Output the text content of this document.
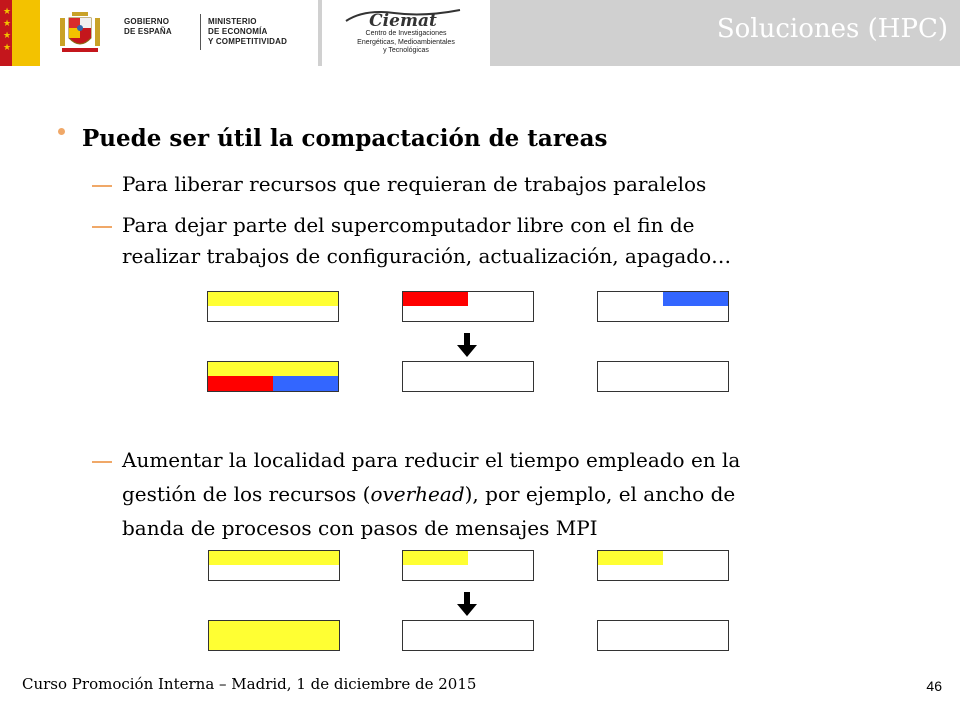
★
★
★
★
GOBIERNO
DE ESPAÑA
MINISTERIO
DE ECONOMÍA
Y COMPETITIVIDAD
Ciemat
Centro de Investigaciones
Energéticas, Medioambientales
y Tecnológicas
Soluciones (HPC)

Puede ser útil la compactación de tareas

Para liberar recursos que requieran de trabajos paralelos

Para dejar parte del supercomputador libre con el fin de

realizar trabajos de configuración, actualización, apagado…

Aumentar la localidad para reducir el tiempo empleado en la

gestión de los recursos (overhead), por ejemplo, el ancho de

banda de procesos con pasos de mensajes MPI

Curso Promoción Interna – Madrid, 1 de diciembre de 2015	46
